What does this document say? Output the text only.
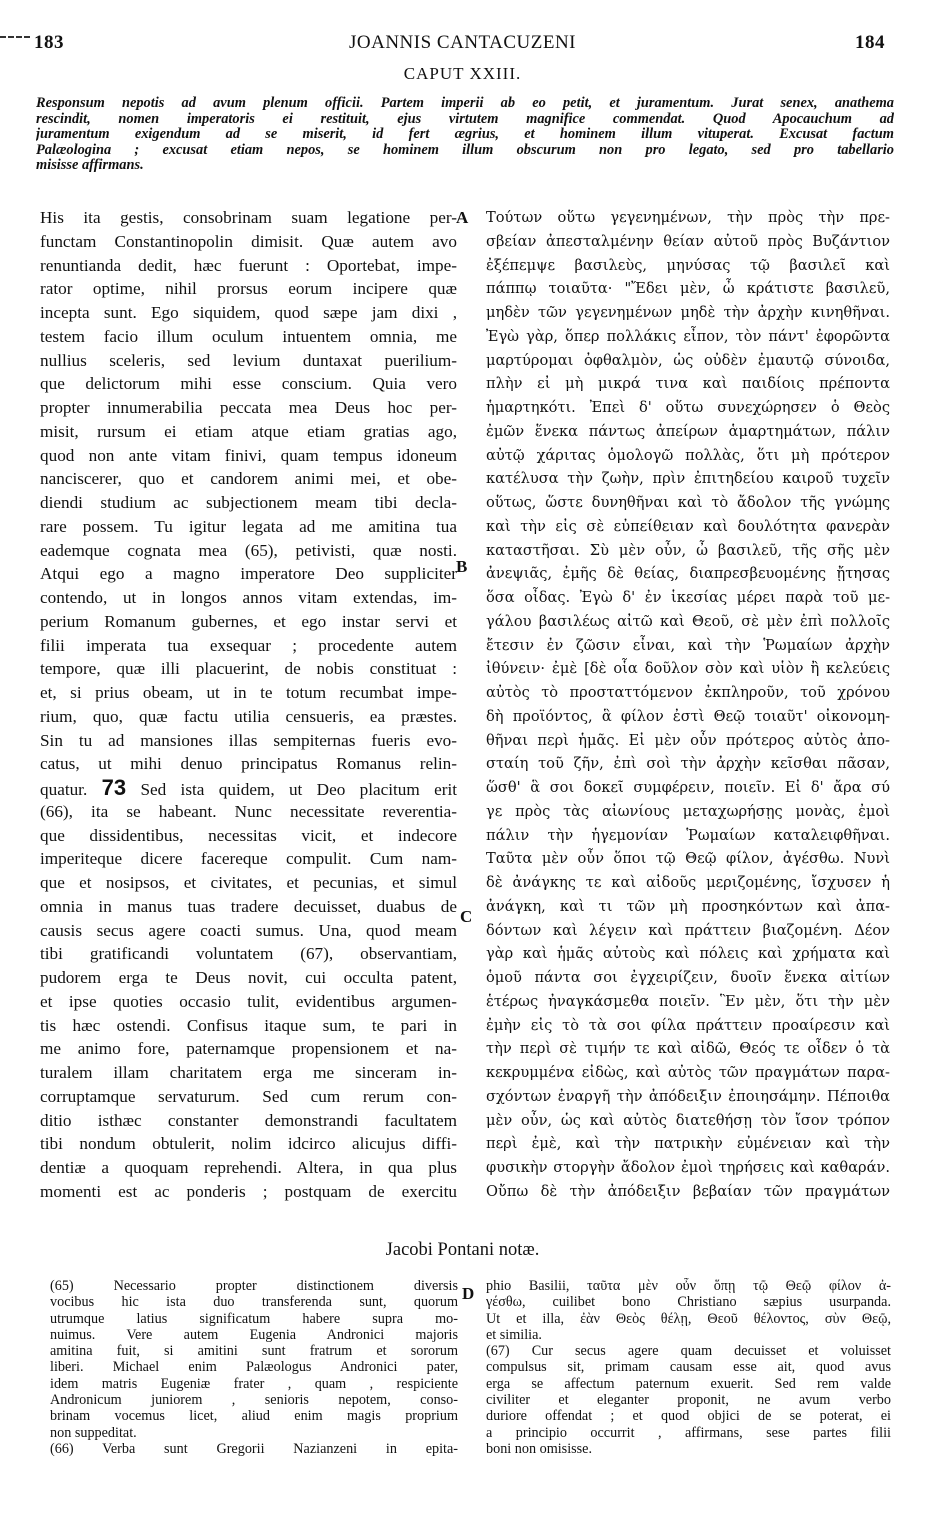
183	JOANNIS CANTACUZENI	184
CAPUT XXIII.
Responsum nepotis ad avum plenum officii. Partem imperii ab eo petit, et juramentum. Jurat senex, anathema
rescindit, nomen imperatoris ei restituit, ejus virtutem magnifice commendat. Quod Apocauchum ad
juramentum exigendum ad se miserit, id fert ægrius, et hominem illum vituperat. Excusat factum
Palæologina ; excusat etiam nepos, se hominem illum obscurum non pro legato, sed pro tabellario
misisse affirmans.
A
B
C
D
His ita gestis, consobrinam suam legatione per-
functam Constantinopolin dimisit. Quæ autem avo
renuntianda dedit, hæc fuerunt : Oportebat, impe-
rator optime, nihil prorsus eorum incipere quæ
incepta sunt. Ego siquidem, quod sæpe jam dixi ,
testem facio illum oculum intuentem omnia, me
nullius sceleris, sed levium duntaxat puerilium-
que delictorum mihi esse conscium. Quia vero
propter innumerabilia peccata mea Deus hoc per-
misit, rursum ei etiam atque etiam gratias ago,
quod non ante vitam finivi, quam tempus idoneum
nanciscerer, quo et candorem animi mei, et obe-
diendi studium ac subjectionem meam tibi decla-
rare possem. Tu igitur legata ad me amitina tua
eademque cognata mea (65), petivisti, quæ nosti.
Atqui ego a magno imperatore Deo suppliciter
contendo, ut in longos annos vitam extendas, im-
perium Romanum gubernes, et ego instar servi et
filii imperata tua exsequar ; procedente autem
tempore, quæ illi placuerint, de nobis constituat :
et, si prius obeam, ut in te totum recumbat impe-
rium, quo, quæ factu utilia censueris, ea præstes.
Sin tu ad mansiones illas sempiternas fueris evo-
catus, ut mihi denuo principatus Romanus relin-
quatur. 73 Sed ista quidem, ut Deo placitum erit
(66), ita se habeant. Nunc necessitate reverentia-
que dissidentibus, necessitas vicit, et indecore
imperiteque dicere facereque compulit. Cum nam-
que et nosipsos, et civitates, et pecunias, et simul
omnia in manus tuas tradere decuisset, duabus de
causis secus agere coacti sumus. Una, quod meam
tibi gratificandi voluntatem (67), observantiam,
pudorem erga te Deus novit, cui occulta patent,
et ipse quoties occasio tulit, evidentibus argumen-
tis hæc ostendi. Confisus itaque sum, te pari in
me animo fore, paternamque propensionem et na-
turalem illam charitatem erga me sinceram in-
corruptamque servaturum. Sed cum rerum con-
ditio isthæc constanter demonstrandi facultatem
tibi nondum obtulerit, nolim idcirco alicujus diffi-
dentiæ a quoquam reprehendi. Altera, in qua plus
momenti est ac ponderis ; postquam de exercitu
Τούτων οὕτω γεγενημένων, τὴν πρὸς τὴν πρε-
σβείαν ἀπεσταλμένην θείαν αὐτοῦ πρὸς Βυζάντιον
ἐξέπεμψε βασιλεὺς, μηνύσας τῷ βασιλεῖ καὶ
πάππῳ τοιαῦτα· "Ἔδει μὲν, ὦ κράτιστε βασιλεῦ,
μηδὲν τῶν γεγενημένων μηδὲ τὴν ἀρχὴν κινηθῆναι.
Ἐγὼ γὰρ, ὅπερ πολλάκις εἶπον, τὸν πάντ' ἐφορῶντα
μαρτύρομαι ὀφθαλμὸν, ὡς οὐδὲν ἐμαυτῷ σύνοιδα,
πλὴν εἰ μὴ μικρά τινα καὶ παιδίοις πρέποντα
ἡμαρτηκότι. Ἐπεὶ δ' οὕτω συνεχώρησεν ὁ Θεὸς
ἐμῶν ἕνεκα πάντως ἀπείρων ἁμαρτημάτων, πάλιν
αὐτῷ χάριτας ὁμολογῶ πολλὰς, ὅτι μὴ πρότερον
κατέλυσα τὴν ζωὴν, πρὶν ἐπιτηδείου καιροῦ τυχεῖν
οὕτως, ὥστε δυνηθῆναι καὶ τὸ ἄδολον τῆς γνώμης
καὶ τὴν εἰς σὲ εὐπείθειαν καὶ δουλότητα φανερὰν
καταστῆσαι. Σὺ μὲν οὖν, ὦ βασιλεῦ, τῆς σῆς μὲν
ἀνεψιᾶς, ἐμῆς δὲ θείας, διαπρεσβευομένης ᾔτησας
ὅσα οἶδας. Ἐγὼ δ' ἐν ἱκεσίας μέρει παρὰ τοῦ με-
γάλου βασιλέως αἰτῶ καὶ Θεοῦ, σὲ μὲν ἐπὶ πολλοῖς
ἔτεσιν ἐν ζῶσιν εἶναι, καὶ τὴν Ῥωμαίων ἀρχὴν
ἰθύνειν· ἐμὲ [δὲ οἷα δοῦλον σὸν καὶ υἱὸν ἢ κελεύεις
αὐτὸς τὸ προσταττόμενον ἐκπληροῦν, τοῦ χρόνου
δὴ προϊόντος, ἃ φίλον ἐστὶ Θεῷ τοιαῦτ' οἰκονομη-
θῆναι περὶ ἡμᾶς. Εἰ μὲν οὖν πρότερος αὐτὸς ἀπο-
σταίη τοῦ ζῆν, ἐπὶ σοὶ τὴν ἀρχὴν κεῖσθαι πᾶσαν,
ὥσθ' ἃ σοι δοκεῖ συμφέρειν, ποιεῖν. Εἰ δ' ἄρα σύ
γε πρὸς τὰς αἰωνίους μεταχωρήσῃς μονὰς, ἐμοὶ
πάλιν τὴν ἡγεμονίαν Ῥωμαίων καταλειφθῆναι.
Ταῦτα μὲν οὖν ὅποι τῷ Θεῷ φίλον, ἀγέσθω. Νυνὶ
δὲ ἀνάγκης τε καὶ αἰδοῦς μεριζομένης, ἴσχυσεν ἡ
ἀνάγκη, καὶ τι τῶν μὴ προσηκόντων καὶ ἀπα-
δόντων καὶ λέγειν καὶ πράττειν βιαζομένη. Δέον
γὰρ καὶ ἡμᾶς αὐτοὺς καὶ πόλεις καὶ χρήματα καὶ
ὁμοῦ πάντα σοι ἐγχειρίζειν, δυοῖν ἕνεκα αἰτίων
ἑτέρως ἠναγκάσμεθα ποιεῖν. Ἓν μὲν, ὅτι τὴν μὲν
ἐμὴν εἰς τὸ τὰ σοι φίλα πράττειν προαίρεσιν καὶ
τὴν περὶ σὲ τιμήν τε καὶ αἰδῶ, Θεός τε οἶδεν ὁ τὰ
κεκρυμμένα εἰδὼς, καὶ αὐτὸς τῶν πραγμάτων παρα-
σχόντων ἐναργῆ τὴν ἀπόδειξιν ἐποιησάμην. Πέποιθα
μὲν οὖν, ὡς καὶ αὐτὸς διατεθήσῃ τὸν ἴσον τρόπον
περὶ ἐμὲ, καὶ τὴν πατρικὴν εὐμένειαν καὶ τὴν
φυσικὴν στοργὴν ἄδολον ἐμοὶ τηρήσεις καὶ καθαράν.
Οὔπω δὲ τὴν ἀπόδειξιν βεβαίαν τῶν πραγμάτων
Jacobi Pontani notæ.
(65) Necessario propter distinctionem diversis
vocibus hic ista duo transferenda sunt, quorum
utrumque latius significatum habere supra mo-
nuimus. Vere autem Eugenia Andronici majoris
amitina fuit, si amitini sunt fratrum et sororum
liberi. Michael enim Palæologus Andronici pater,
idem matris Eugeniæ frater , quam , respiciente
Andronicum juniorem , senioris nepotem, conso-
brinam vocemus licet, aliud enim magis proprium
non suppeditat.
(66) Verba sunt Gregorii Nazianzeni in epita-
phio Basilii, ταῦτα μὲν οὖν ὅπῃ τῷ Θεῷ φίλον ἀ-
γέσθω, cuilibet bono Christiano sæpius usurpanda.
Ut et illa, ἐὰν Θεὸς θέλῃ, Θεοῦ θέλοντος, σὺν Θεῷ,
et similia.
(67) Cur secus agere quam decuisset et voluisset
compulsus sit, primam causam esse ait, quod avus
erga se affectum paternum exuerit. Sed rem valde
civiliter et eleganter proponit, ne avum verbo
duriore offendat ; et quod objici de se poterat, ei
a principio occurrit , affirmans, sese partes filii
boni non omisisse.
